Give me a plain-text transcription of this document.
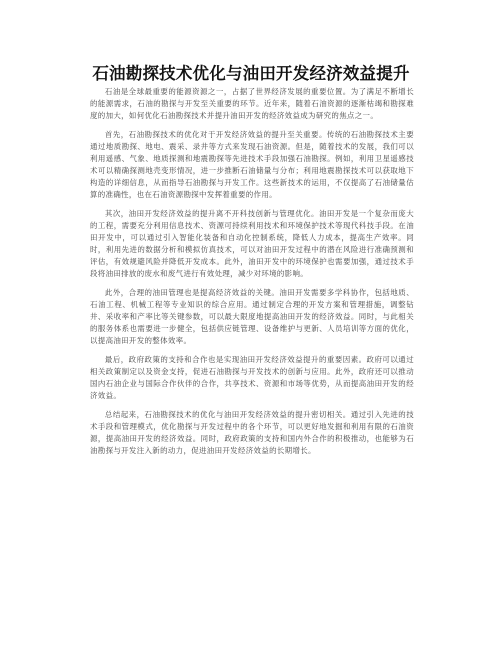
石油勘探技术优化与油田开发经济效益提升

石油是全球最重要的能源资源之一，占据了世界经济发展的重要位置。为了满足不断增长的能源需求，石油的勘探与开发至关重要的环节。近年来，随着石油资源的逐渐枯竭和勘探难度的加大，如何优化石油勘探技术并提升油田开发的经济效益成为研究的焦点之一。

首先，石油勘探技术的优化对于开发经济效益的提升至关重要。传统的石油勘探技术主要通过地质勘探、地电、震采、录井等方式来发现石油资源。但是，随着技术的发展，我们可以利用遥感、气象、地质探测和地震勘探等先进技术手段加强石油勘探。例如，利用卫星遥感技术可以精确探测地壳变形情况，进一步推断石油储量与分布；利用地震勘探技术可以获取地下构造的详细信息，从而指导石油勘探与开发工作。这些新技术的运用，不仅提高了石油储量估算的准确性，也在石油资源勘探中发挥着重要的作用。

其次，油田开发经济效益的提升离不开科技创新与管理优化。油田开发是一个复杂而庞大的工程，需要充分利用信息技术、资源可持续利用技术和环境保护技术等现代科技手段。在油田开发中，可以通过引入智能化装备和自动化控制系统，降低人力成本，提高生产效率。同时，利用先进的数据分析和模拟仿真技术，可以对油田开发过程中的潜在风险进行准确预测和评估，有效规避风险并降低开发成本。此外，油田开发中的环境保护也需要加强，通过技术手段将油田排放的废水和废气进行有效处理，减少对环境的影响。

此外，合理的油田管理也是提高经济效益的关键。油田开发需要多学科协作，包括地质、石油工程、机械工程等专业知识的综合应用。通过制定合理的开发方案和管理措施，调整钻井、采收率和产率比等关键参数，可以最大限度地提高油田开发的经济效益。同时，与此相关的服务体系也需要进一步健全，包括供应链管理、设备维护与更新、人员培训等方面的优化，以提高油田开发的整体效率。

最后，政府政策的支持和合作也是实现油田开发经济效益提升的重要因素。政府可以通过相关政策制定以及资金支持，促进石油勘探与开发技术的创新与应用。此外，政府还可以推动国内石油企业与国际合作伙伴的合作，共享技术、资源和市场等优势，从而提高油田开发的经济效益。

总结起来，石油勘探技术的优化与油田开发经济效益的提升密切相关。通过引入先进的技术手段和管理模式，优化勘探与开发过程中的各个环节，可以更好地发掘和利用有限的石油资源，提高油田开发的经济效益。同时，政府政策的支持和国内外合作的积极推动，也能够为石油勘探与开发注入新的动力，促进油田开发经济效益的长期增长。
